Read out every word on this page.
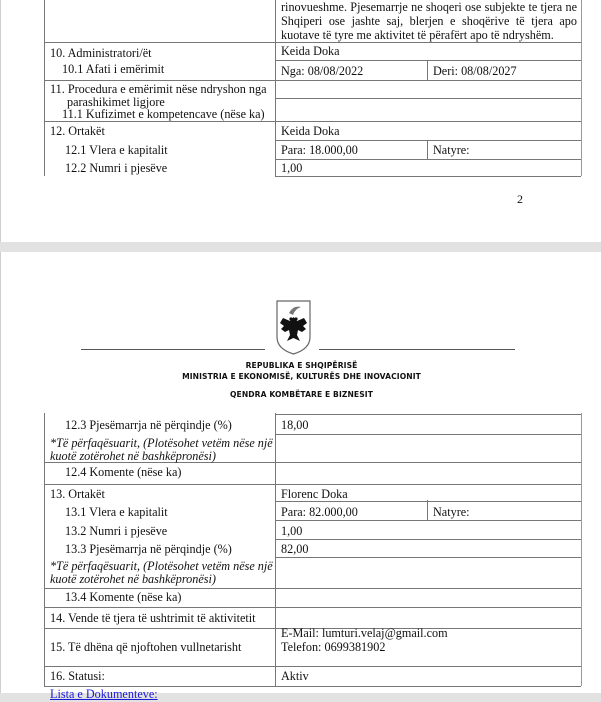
rinovueshme. Pjesemarrje ne shoqeri ose subjekte te tjera ne Shqiperi ose jashte saj, blerjen e shoqërive të tjera apo kuotave të tyre me aktivitet të përafërt apo të ndryshëm.
10. Administratori/ët	Keida Doka
10.1 Afati i emërimit	Nga: 08/08/2022	Deri: 08/08/2027
11. Procedura e emërimit nëse ndryshon nga
parashikimet ligjore
11.1 Kufizimet e kompetencave (nëse ka)
12. Ortakët	Keida Doka
12.1 Vlera e kapitalit	Para: 18.000,00	Natyre:
12.2 Numri i pjesëve	1,00
2
REPUBLIKA E SHQIPËRISË
MINISTRIA E EKONOMISË, KULTURËS DHE INOVACIONIT
QENDRA KOMBËTARE E BIZNESIT
12.3 Pjesëmarrja në përqindje (%)	18,00
*Të përfaqësuarit, (Plotësohet vetëm nëse një
kuotë zotërohet në bashkëpronësi)
12.4 Komente (nëse ka)
13. Ortakët	Florenc Doka
13.1 Vlera e kapitalit	Para: 82.000,00	Natyre:
13.2 Numri i pjesëve	1,00
13.3 Pjesëmarrja në përqindje (%)	82,00
*Të përfaqësuarit, (Plotësohet vetëm nëse një
kuotë zotërohet në bashkëpronësi)
13.4 Komente (nëse ka)
14. Vende të tjera të ushtrimit të aktivitetit
15. Të dhëna që njoftohen vullnetarisht
E-Mail: lumturi.velaj@gmail.com
Telefon: 0699381902
16. Statusi:	Aktiv
Lista e Dokumenteve:
